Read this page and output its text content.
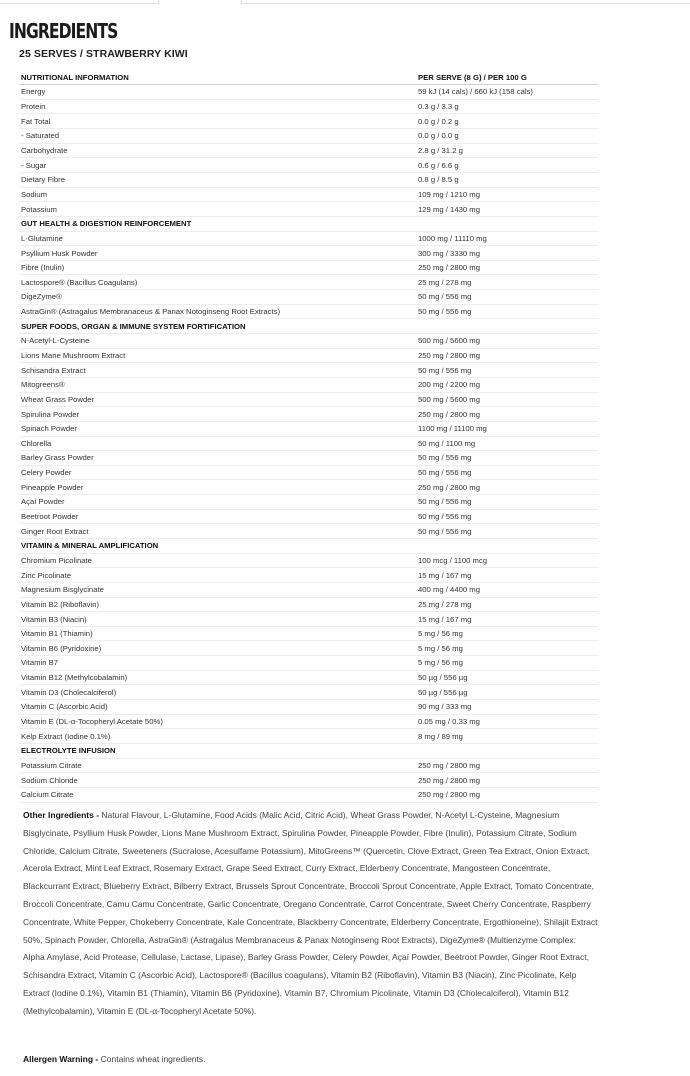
INGREDIENTS
25 SERVES / STRAWBERRY KIWI
NUTRITIONAL INFORMATION	PER SERVE (8 G) / PER 100 G
Energy	59 kJ (14 cals) / 660 kJ (158 cals)
Protein	0.3 g / 3.3 g
Fat Total	0.0 g / 0.2 g
- Saturated	0.0 g / 0.0 g
Carbohydrate	2.8 g / 31.2 g
- Sugar	0.6 g / 6.6 g
Dietary Fibre	0.8 g / 8.5 g
Sodium	109 mg / 1210 mg
Potassium	129 mg / 1430 mg
GUT HEALTH & DIGESTION REINFORCEMENT	
L-Glutamine	1000 mg / 11110 mg
Psyllium Husk Powder	300 mg / 3330 mg
Fibre (Inulin)	250 mg / 2800 mg
Lactospore® (Bacillus Coagulans)	25 mg / 278 mg
DigeZyme®	50 mg / 556 mg
AstraGin® (Astragalus Membranaceus & Panax Notoginseng Root Extracts)	50 mg / 556 mg
SUPER FOODS, ORGAN & IMMUNE SYSTEM FORTIFICATION	
N-Acetyl-L-Cysteine	500 mg / 5600 mg
Lions Mane Mushroom Extract	250 mg / 2800 mg
Schisandra Extract	50 mg / 556 mg
Mitogreens®	200 mg / 2200 mg
Wheat Grass Powder	500 mg / 5600 mg
Spirulina Powder	250 mg / 2800 mg
Spinach Powder	1100 mg / 11100 mg
Chlorella	50 mg / 1100 mg
Barley Grass Powder	50 mg / 556 mg
Celery Powder	50 mg / 556 mg
Pineapple Powder	250 mg / 2800 mg
Açaí Powder	50 mg / 556 mg
Beetroot Powder	50 mg / 556 mg
Ginger Root Extract	50 mg / 556 mg
VITAMIN & MINERAL AMPLIFICATION	
Chromium Picolinate	100 mcg / 1100 mcg
Zinc Picolinate	15 mg / 167 mg
Magnesium Bisglycinate	400 mg / 4400 mg
Vitamin B2 (Riboflavin)	25 mg / 278 mg
Vitamin B3 (Niacin)	15 mg / 167 mg
Vitamin B1 (Thiamin)	5 mg / 56 mg
Vitamin B6 (Pyridoxine)	5 mg / 56 mg
Vitamin B7	5 mg / 56 mg
Vitamin B12 (Methylcobalamin)	50 µg / 556 µg
Vitamin D3 (Cholecalciferol)	50 µg / 556 µg
Vitamin C (Ascorbic Acid)	90 mg / 333 mg
Vitamin E (DL-α-Tocopheryl Acetate 50%)	0.05 mg / 0.33 mg
Kelp Extract (Iodine 0.1%)	8 mg / 89 mg
ELECTROLYTE INFUSION	
Potassium Citrate	250 mg / 2800 mg
Sodium Chloride	250 mg / 2800 mg
Calcium Citrate	250 mg / 2800 mg
Other Ingredients - Natural Flavour, L-Glutamine, Food Acids (Malic Acid, Citric Acid), Wheat Grass Powder, N-Acetyl L-Cysteine, Magnesium Bisglycinate, Psyllium Husk Powder, Lions Mane Mushroom Extract, Spirulina Powder, Pineapple Powder, Fibre (Inulin), Potassium Citrate, Sodium Chloride, Calcium Citrate, Sweeteners (Sucralose, Acesulfame Potassium), MitoGreens™ (Quercetin, Clove Extract, Green Tea Extract, Onion Extract, Acerola Extract, Mint Leaf Extract, Rosemary Extract, Grape Seed Extract, Curry Extract, Elderberry Concentrate, Mangosteen Concentrate, Blackcurrant Extract, Blueberry Extract, Bilberry Extract, Brussels Sprout Concentrate, Broccoli Sprout Concentrate, Apple Extract, Tomato Concentrate, Broccoli Concentrate, Camu Camu Concentrate, Garlic Concentrate, Oregano Concentrate, Carrot Concentrate, Sweet Cherry Concentrate, Raspberry Concentrate, White Pepper, Chokeberry Concentrate, Kale Concentrate, Blackberry Concentrate, Elderberry Concentrate, Ergothioneine), Shilajit Extract 50%, Spinach Powder, Chlorella, AstraGin® (Astragalus Membranaceus & Panax Notoginseng Root Extracts), DigeZyme® (Multienzyme Complex: Alpha Amylase, Acid Protease, Cellulase, Lactase, Lipase), Barley Grass Powder, Celery Powder, Açaí Powder, Beetroot Powder, Ginger Root Extract, Schisandra Extract, Vitamin C (Ascorbic Acid), Lactospore® (Bacillus coagulans), Vitamin B2 (Riboflavin), Vitamin B3 (Niacin), Zinc Picolinate, Kelp Extract (Iodine 0.1%), Vitamin B1 (Thiamin), Vitamin B6 (Pyridoxine), Vitamin B7, Chromium Picolinate, Vitamin D3 (Cholecalciferol), Vitamin B12 (Methylcobalamin), Vitamin E (DL-α-Tocopheryl Acetate 50%).
Allergen Warning - Contains wheat ingredients.
